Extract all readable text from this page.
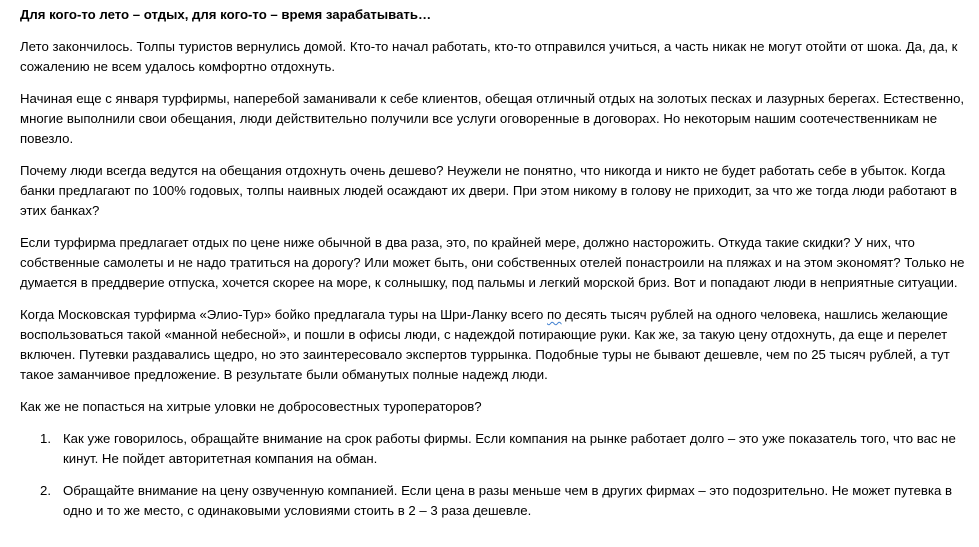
Для кого-то лето – отдых, для кого-то – время зарабатывать…

Лето закончилось. Толпы туристов вернулись домой. Кто-то начал работать, кто-то отправился учиться, а часть никак не могут отойти от шока. Да, да, к сожалению не всем удалось комфортно отдохнуть.

Начиная еще с января турфирмы, наперебой заманивали к себе клиентов, обещая отличный отдых на золотых песках и лазурных берегах. Естественно, многие выполнили свои обещания, люди действительно получили все услуги оговоренные в договорах. Но некоторым нашим соотечественникам не повезло.

Почему люди всегда ведутся на обещания отдохнуть очень дешево? Неужели не понятно, что никогда и никто не будет работать себе в убыток. Когда банки предлагают по 100% годовых, толпы наивных людей осаждают их двери. При этом никому в голову не приходит, за что же тогда люди работают в этих банках?

Если турфирма предлагает отдых по цене ниже обычной в два раза, это, по крайней мере, должно насторожить. Откуда такие скидки? У них, что собственные самолеты и не надо тратиться на дорогу? Или может быть, они собственных отелей понастроили на пляжах и на этом экономят? Только не думается в преддверие отпуска, хочется скорее на море, к солнышку, под пальмы и легкий морской бриз. Вот и попадают люди в неприятные ситуации.

Когда Московская турфирма «Элио-Тур» бойко предлагала туры на Шри-Ланку всего по десять тысяч рублей на одного человека, нашлись желающие воспользоваться такой «манной небесной», и пошли в офисы люди, с надеждой потирающие руки. Как же, за такую цену отдохнуть, да еще и перелет включен. Путевки раздавались щедро, но это заинтересовало экспертов туррынка. Подобные туры не бывают дешевле, чем по 25 тысяч рублей, а тут такое заманчивое предложение. В результате были обманутых полные надежд люди.

Как же не попасться на хитрые уловки не добросовестных туроператоров?

1. Как уже говорилось, обращайте внимание на срок работы фирмы. Если компания на рынке работает долго – это уже показатель того, что вас не кинут. Не пойдет авторитетная компания на обман.
2. Обращайте внимание на цену озвученную компанией. Если цена в разы меньше чем в других фирмах – это подозрительно. Не может путевка в одно и то же место, с одинаковыми условиями стоить в 2 – 3 раза дешевле.
